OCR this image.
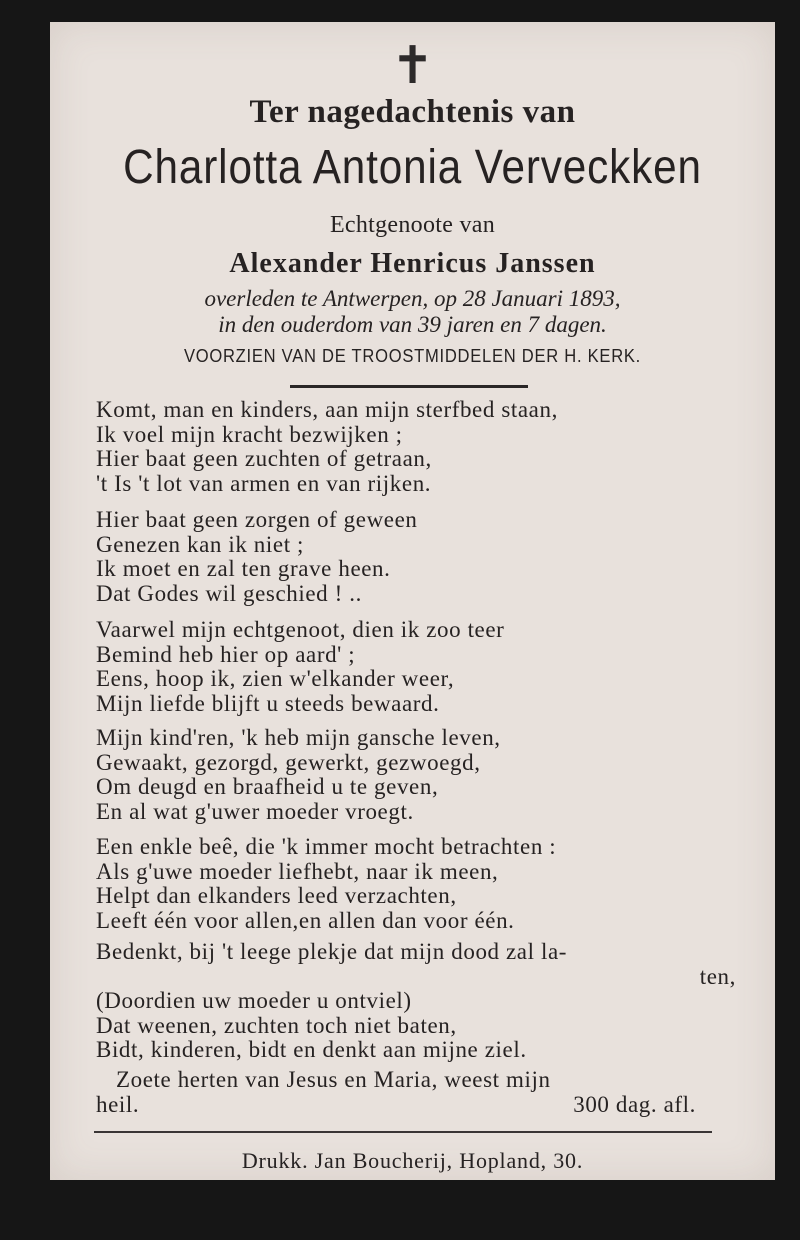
✝
Ter nagedachtenis van
Charlotta Antonia Verveckken
Echtgenoote van
Alexander Henricus Janssen
overleden te Antwerpen, op 28 Januari 1893,
in den ouderdom van 39 jaren en 7 dagen.
VOORZIEN VAN DE TROOSTMIDDELEN DER H. KERK.
Komt, man en kinders, aan mijn sterfbed staan,
Ik voel mijn kracht bezwijken ;
Hier baat geen zuchten of getraan,
't Is 't lot van armen en van rijken.
Hier baat geen zorgen of geween
Genezen kan ik niet ;
Ik moet en zal ten grave heen.
Dat Godes wil geschied ! ..
Vaarwel mijn echtgenoot, dien ik zoo teer
Bemind heb hier op aard' ;
Eens, hoop ik, zien w'elkander weer,
Mijn liefde blijft u steeds bewaard.
Mijn kind'ren, 'k heb mijn gansche leven,
Gewaakt, gezorgd, gewerkt, gezwoegd,
Om deugd en braafheid u te geven,
En al wat g'uwer moeder vroegt.
Een enkle beê, die 'k immer mocht betrachten :
Als g'uwe moeder liefhebt, naar ik meen,
Helpt dan elkanders leed verzachten,
Leeft één voor allen,en allen dan voor één.
Bedenkt, bij 't leege plekje dat mijn dood zal la-
ten,
(Doordien uw moeder u ontviel)
Dat weenen, zuchten toch niet baten,
Bidt, kinderen, bidt en denkt aan mijne ziel.
Zoete herten van Jesus en Maria, weest mijn
heil.	300 dag. afl.
Drukk. Jan Boucherij, Hopland, 30.
